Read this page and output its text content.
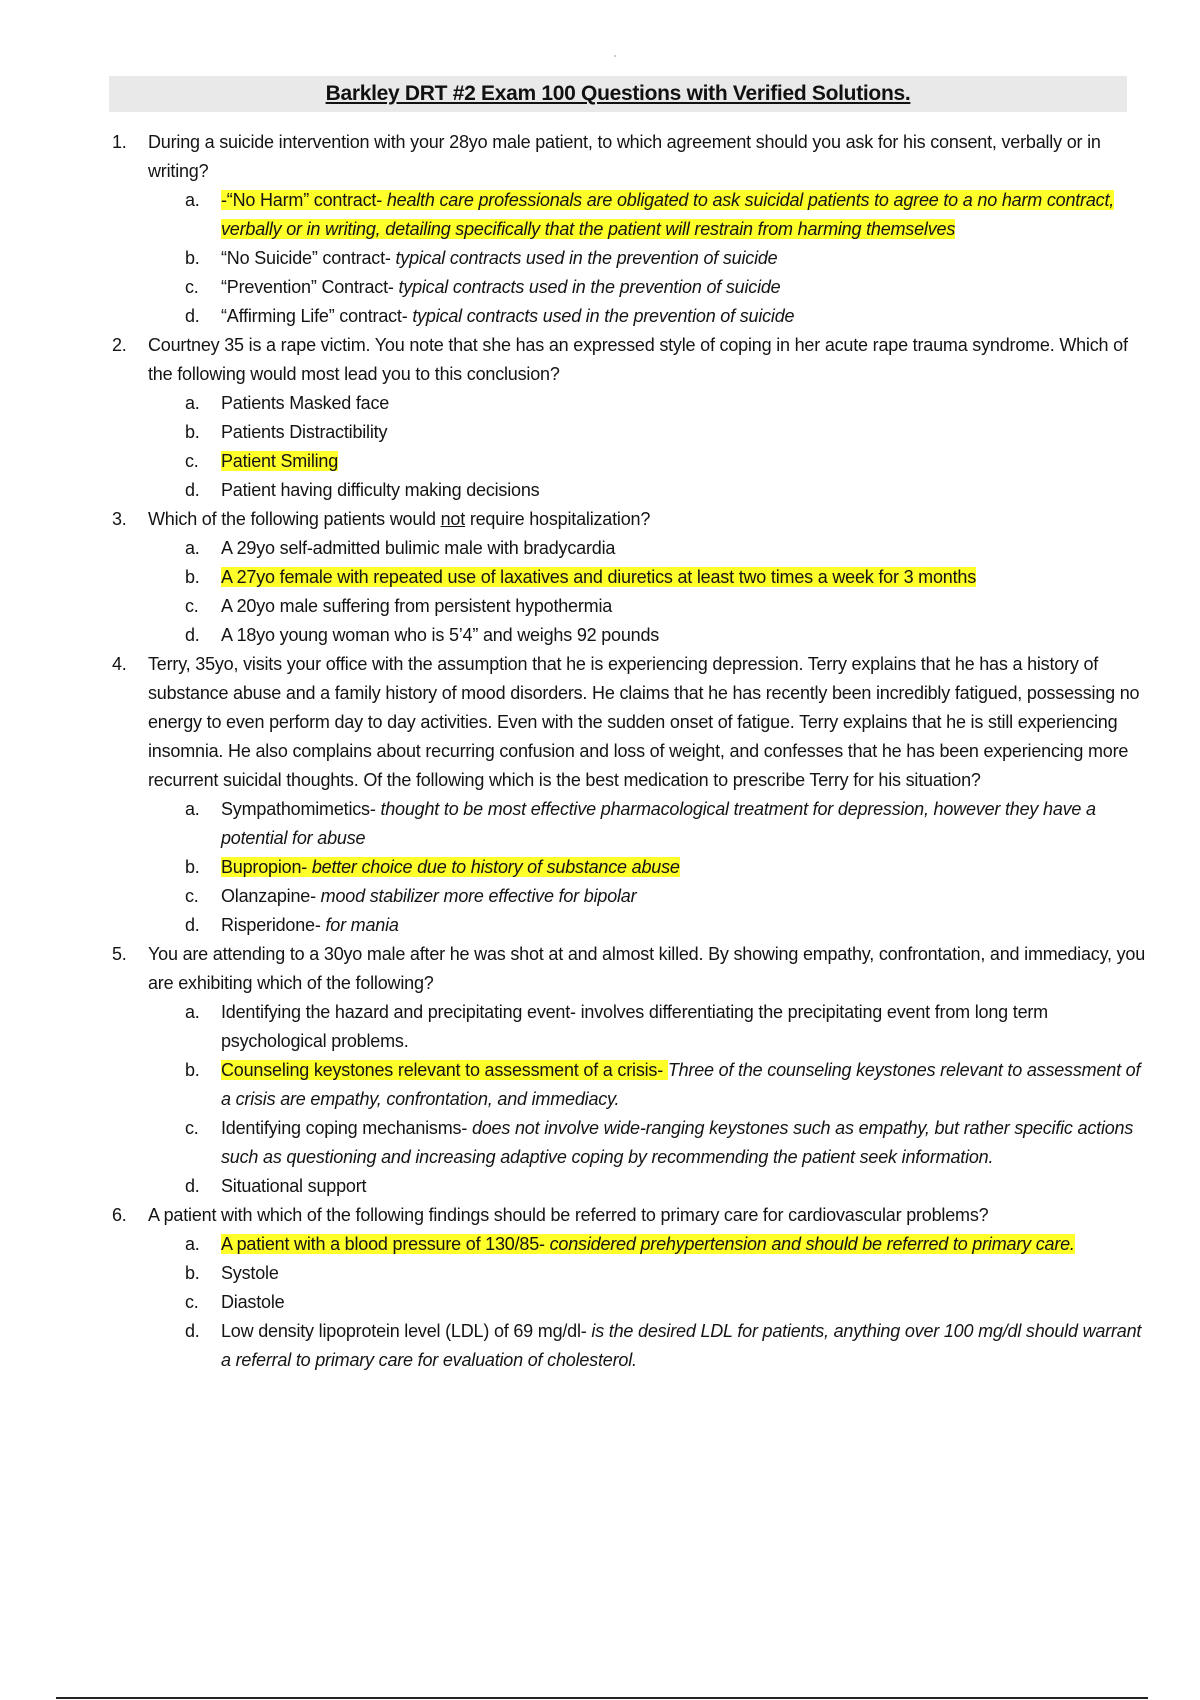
Barkley DRT #2 Exam 100 Questions with Verified Solutions.
1. During a suicide intervention with your 28yo male patient, to which agreement should you ask for his consent, verbally or in writing?
a. -“No Harm” contract- health care professionals are obligated to ask suicidal patients to agree to a no harm contract, verbally or in writing, detailing specifically that the patient will restrain from harming themselves
b. “No Suicide” contract- typical contracts used in the prevention of suicide
c. “Prevention” Contract- typical contracts used in the prevention of suicide
d. “Affirming Life” contract- typical contracts used in the prevention of suicide
2. Courtney 35 is a rape victim. You note that she has an expressed style of coping in her acute rape trauma syndrome. Which of the following would most lead you to this conclusion?
a. Patients Masked face
b. Patients Distractibility
c. Patient Smiling
d. Patient having difficulty making decisions
3. Which of the following patients would not require hospitalization?
a. A 29yo self-admitted bulimic male with bradycardia
b. A 27yo female with repeated use of laxatives and diuretics at least two times a week for 3 months
c. A 20yo male suffering from persistent hypothermia
d. A 18yo young woman who is 5’4” and weighs 92 pounds
4. Terry, 35yo, visits your office with the assumption that he is experiencing depression. Terry explains that he has a history of substance abuse and a family history of mood disorders. He claims that he has recently been incredibly fatigued, possessing no energy to even perform day to day activities. Even with the sudden onset of fatigue. Terry explains that he is still experiencing insomnia. He also complains about recurring confusion and loss of weight, and confesses that he has been experiencing more recurrent suicidal thoughts. Of the following which is the best medication to prescribe Terry for his situation?
a. Sympathomimetics- thought to be most effective pharmacological treatment for depression, however they have a potential for abuse
b. Bupropion- better choice due to history of substance abuse
c. Olanzapine- mood stabilizer more effective for bipolar
d. Risperidone- for mania
5. You are attending to a 30yo male after he was shot at and almost killed. By showing empathy, confrontation, and immediacy, you are exhibiting which of the following?
a. Identifying the hazard and precipitating event- involves differentiating the precipitating event from long term psychological problems.
b. Counseling keystones relevant to assessment of a crisis- Three of the counseling keystones relevant to assessment of a crisis are empathy, confrontation, and immediacy.
c. Identifying coping mechanisms- does not involve wide-ranging keystones such as empathy, but rather specific actions such as questioning and increasing adaptive coping by recommending the patient seek information.
d. Situational support
6. A patient with which of the following findings should be referred to primary care for cardiovascular problems?
a. A patient with a blood pressure of 130/85- considered prehypertension and should be referred to primary care.
b. Systole
c. Diastole
d. Low density lipoprotein level (LDL) of 69 mg/dl- is the desired LDL for patients, anything over 100 mg/dl should warrant a referral to primary care for evaluation of cholesterol.
